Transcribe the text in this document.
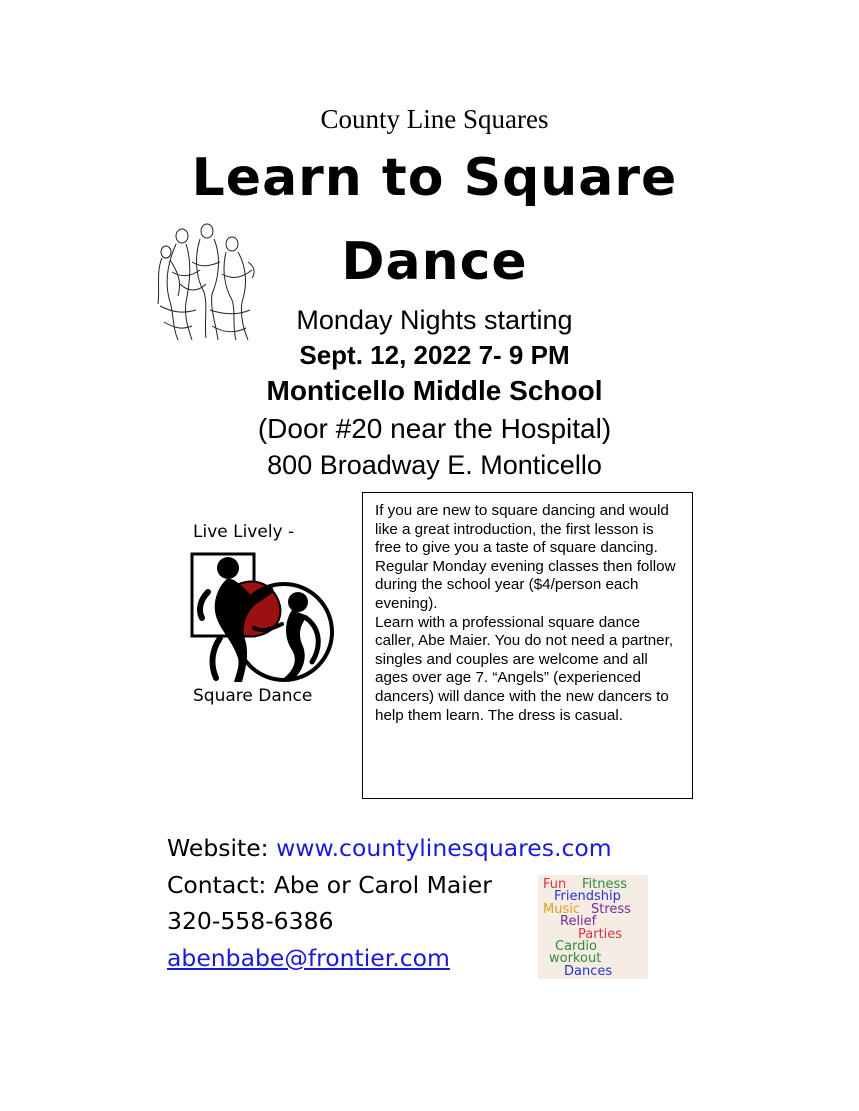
County Line Squares
Learn to Square
Dance
Monday Nights starting
Sept. 12, 2022 7- 9 PM
Monticello Middle School
(Door #20 near the Hospital)
800 Broadway E. Monticello
Live Lively -
Square Dance

If you are new to square dancing and would like a great introduction, the first lesson is free to give you a taste of square dancing. Regular Monday evening classes then follow during the school year ($4/person each evening).

Learn with a professional square dance caller, Abe Maier. You do not need a partner, singles and couples are welcome and all ages over age 7. “Angels” (experienced dancers) will dance with the new dancers to help them learn. The dress is casual.

Website: www.countylinesquares.com
Contact: Abe or Carol Maier
320-558-6386
abenbabe@frontier.com
Fun Fitness
Friendship
Music Stress
Relief
Parties
Cardio
workout
Dances
